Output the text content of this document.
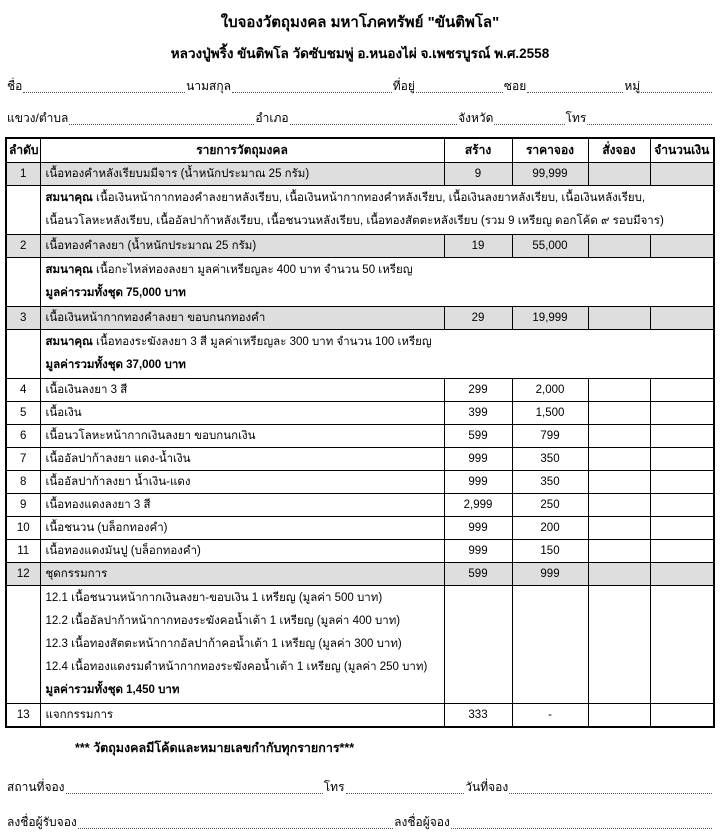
ใบจองวัตถุมงคล มหาโภคทรัพย์ "ขันติพโล"
หลวงปู่พริ้ง ขันติพโล วัดซับชมพู่ อ.หนองไผ่ จ.เพชรบูรณ์ พ.ศ.2558
ชื่อ	นามสกุล	ที่อยู่	ซอย	หมู่
แขวง/ตำบล	อำเภอ	จังหวัด	โทร
ลำดับ	รายการวัตถุมงคล	สร้าง	ราคาจอง	สั่งจอง	จำนวนเงิน
1	เนื้อทองคำหลังเรียบมมีจาร (น้ำหนักประมาณ 25 กรัม)	9	99,999		

	สมนาคุณ เนื้อเงินหน้ากากทองคำลงยาหลังเรียบ, เนื้อเงินหน้ากากทองคำหลังเรียบ, เนื้อเงินลงยาหลังเรียบ, เนื้อเงินหลังเรียบ,
เนื้อนวโลหะหลังเรียบ, เนื้ออัลปาก้าหลังเรียบ, เนื้อชนวนหลังเรียบ, เนื้อทองสัตตะหลังเรียบ (รวม 9 เหรียญ ดอกโค้ด ๙ รอบมีจาร)				

2	เนื้อทองคำลงยา (น้ำหนักประมาณ 25 กรัม)	19	55,000		

	สมนาคุณ เนื้อกะไหล่ทองลงยา มูลค่าเหรียญละ 400 บาท จำนวน 50 เหรียญ
มูลค่ารวมทั้งชุด 75,000 บาท				

3	เนื้อเงินหน้ากากทองคำลงยา ขอบกนกทองคำ	29	19,999		

	สมนาคุณ เนื้อทองระฆังลงยา 3 สี มูลค่าเหรียญละ 300 บาท จำนวน 100 เหรียญ
มูลค่ารวมทั้งชุด 37,000 บาท				

4	เนื้อเงินลงยา 3 สี	299	2,000		
5	เนื้อเงิน	399	1,500		
6	เนื้อนวโลหะหน้ากากเงินลงยา ขอบกนกเงิน	599	799		
7	เนื้ออัลปาก้าลงยา แดง-น้ำเงิน	999	350		
8	เนื้ออัลปาก้าลงยา น้ำเงิน-แดง	999	350		
9	เนื้อทองแดงลงยา 3 สี	2,999	250		
10	เนื้อชนวน (บล็อกทองคำ)	999	200		
11	เนื้อทองแดงมันปู (บล็อกทองคำ)	999	150		
12	ชุดกรรมการ	599	999		

	12.1 เนื้อชนวนหน้ากากเงินลงยา-ขอบเงิน 1 เหรียญ (มูลค่า 500 บาท)
12.2 เนื้ออัลปาก้าหน้ากากทองระฆังคอน้ำเต้า 1 เหรียญ (มูลค่า 400 บาท)
12.3 เนื้อทองสัตตะหน้ากากอัลปาก้าคอน้ำเต้า 1 เหรียญ (มูลค่า 300 บาท)
12.4 เนื้อทองแดงรมดำหน้ากากทองระฆังคอน้ำเต้า 1 เหรียญ (มูลค่า 250 บาท)
มูลค่ารวมทั้งชุด 1,450 บาท				

13	แจกกรรมการ	333	-		
*** วัตถุมงคลมีโค้ดและหมายเลขกำกับทุกรายการ***
สถานที่จอง	โทร	วันที่จอง
ลงชื่อผู้รับจอง	ลงชื่อผู้จอง
